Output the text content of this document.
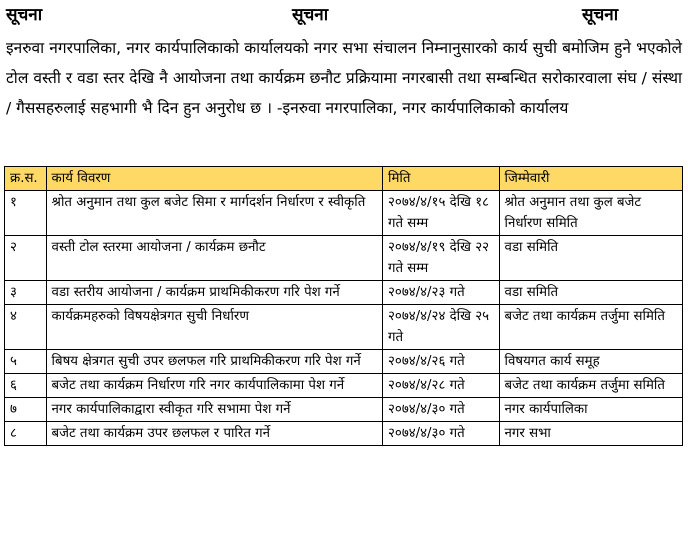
सूचना	सूचना	सूचना
इनरुवा नगरपालिका, नगर कार्यपालिकाको कार्यालयको नगर सभा संचालन निम्नानुसारको कार्य सुची बमोजिम हुने भएकोले टोल वस्ती र वडा स्तर देखि नै आयोजना तथा कार्यक्रम छनौट प्रक्रियामा नगरबासी तथा सम्बन्धित सरोकारवाला संघ / संस्था / गैससहरुलाई सहभागी भै दिन हुन अनुरोध छ । -इनरुवा नगरपालिका, नगर कार्यपालिकाको कार्यालय
क्र.स.	कार्य विवरण	मिति	जिम्मेवारी
१	श्रोत अनुमान तथा कुल बजेट सिमा र मार्गदर्शन निर्धारण र स्वीकृति	२०७४/४/१५ देखि १८ गते सम्म	श्रोत अनुमान तथा कुल बजेट निर्धारण समिति
२	वस्ती टोल स्तरमा आयोजना / कार्यक्रम छनौट	२०७४/४/१९ देखि २२ गते सम्म	वडा समिति
३	वडा स्तरीय आयोजना / कार्यक्रम प्राथमिकीकरण गरि पेश गर्ने	२०७४/४/२३ गते	वडा समिति
४	कार्यक्रमहरुको विषयक्षेत्रगत सुची निर्धारण	२०७४/४/२४ देखि २५ गते	बजेट तथा कार्यक्रम तर्जुमा समिति
५	बिषय क्षेत्रगत सुची उपर छलफल गरि प्राथमिकीकरण गरि पेश गर्ने	२०७४/४/२६ गते	विषयगत कार्य समूह
६	बजेट तथा कार्यक्रम निर्धारण गरि नगर कार्यपालिकामा पेश गर्ने	२०७४/४/२८ गते	बजेट तथा कार्यक्रम तर्जुमा समिति
७	नगर कार्यपालिकाद्वारा स्वीकृत गरि सभामा पेश गर्ने	२०७४/४/३० गते	नगर कार्यपालिका
८	बजेट तथा कार्यक्रम उपर छलफल र पारित गर्ने	२०७४/४/३० गते	नगर सभा
